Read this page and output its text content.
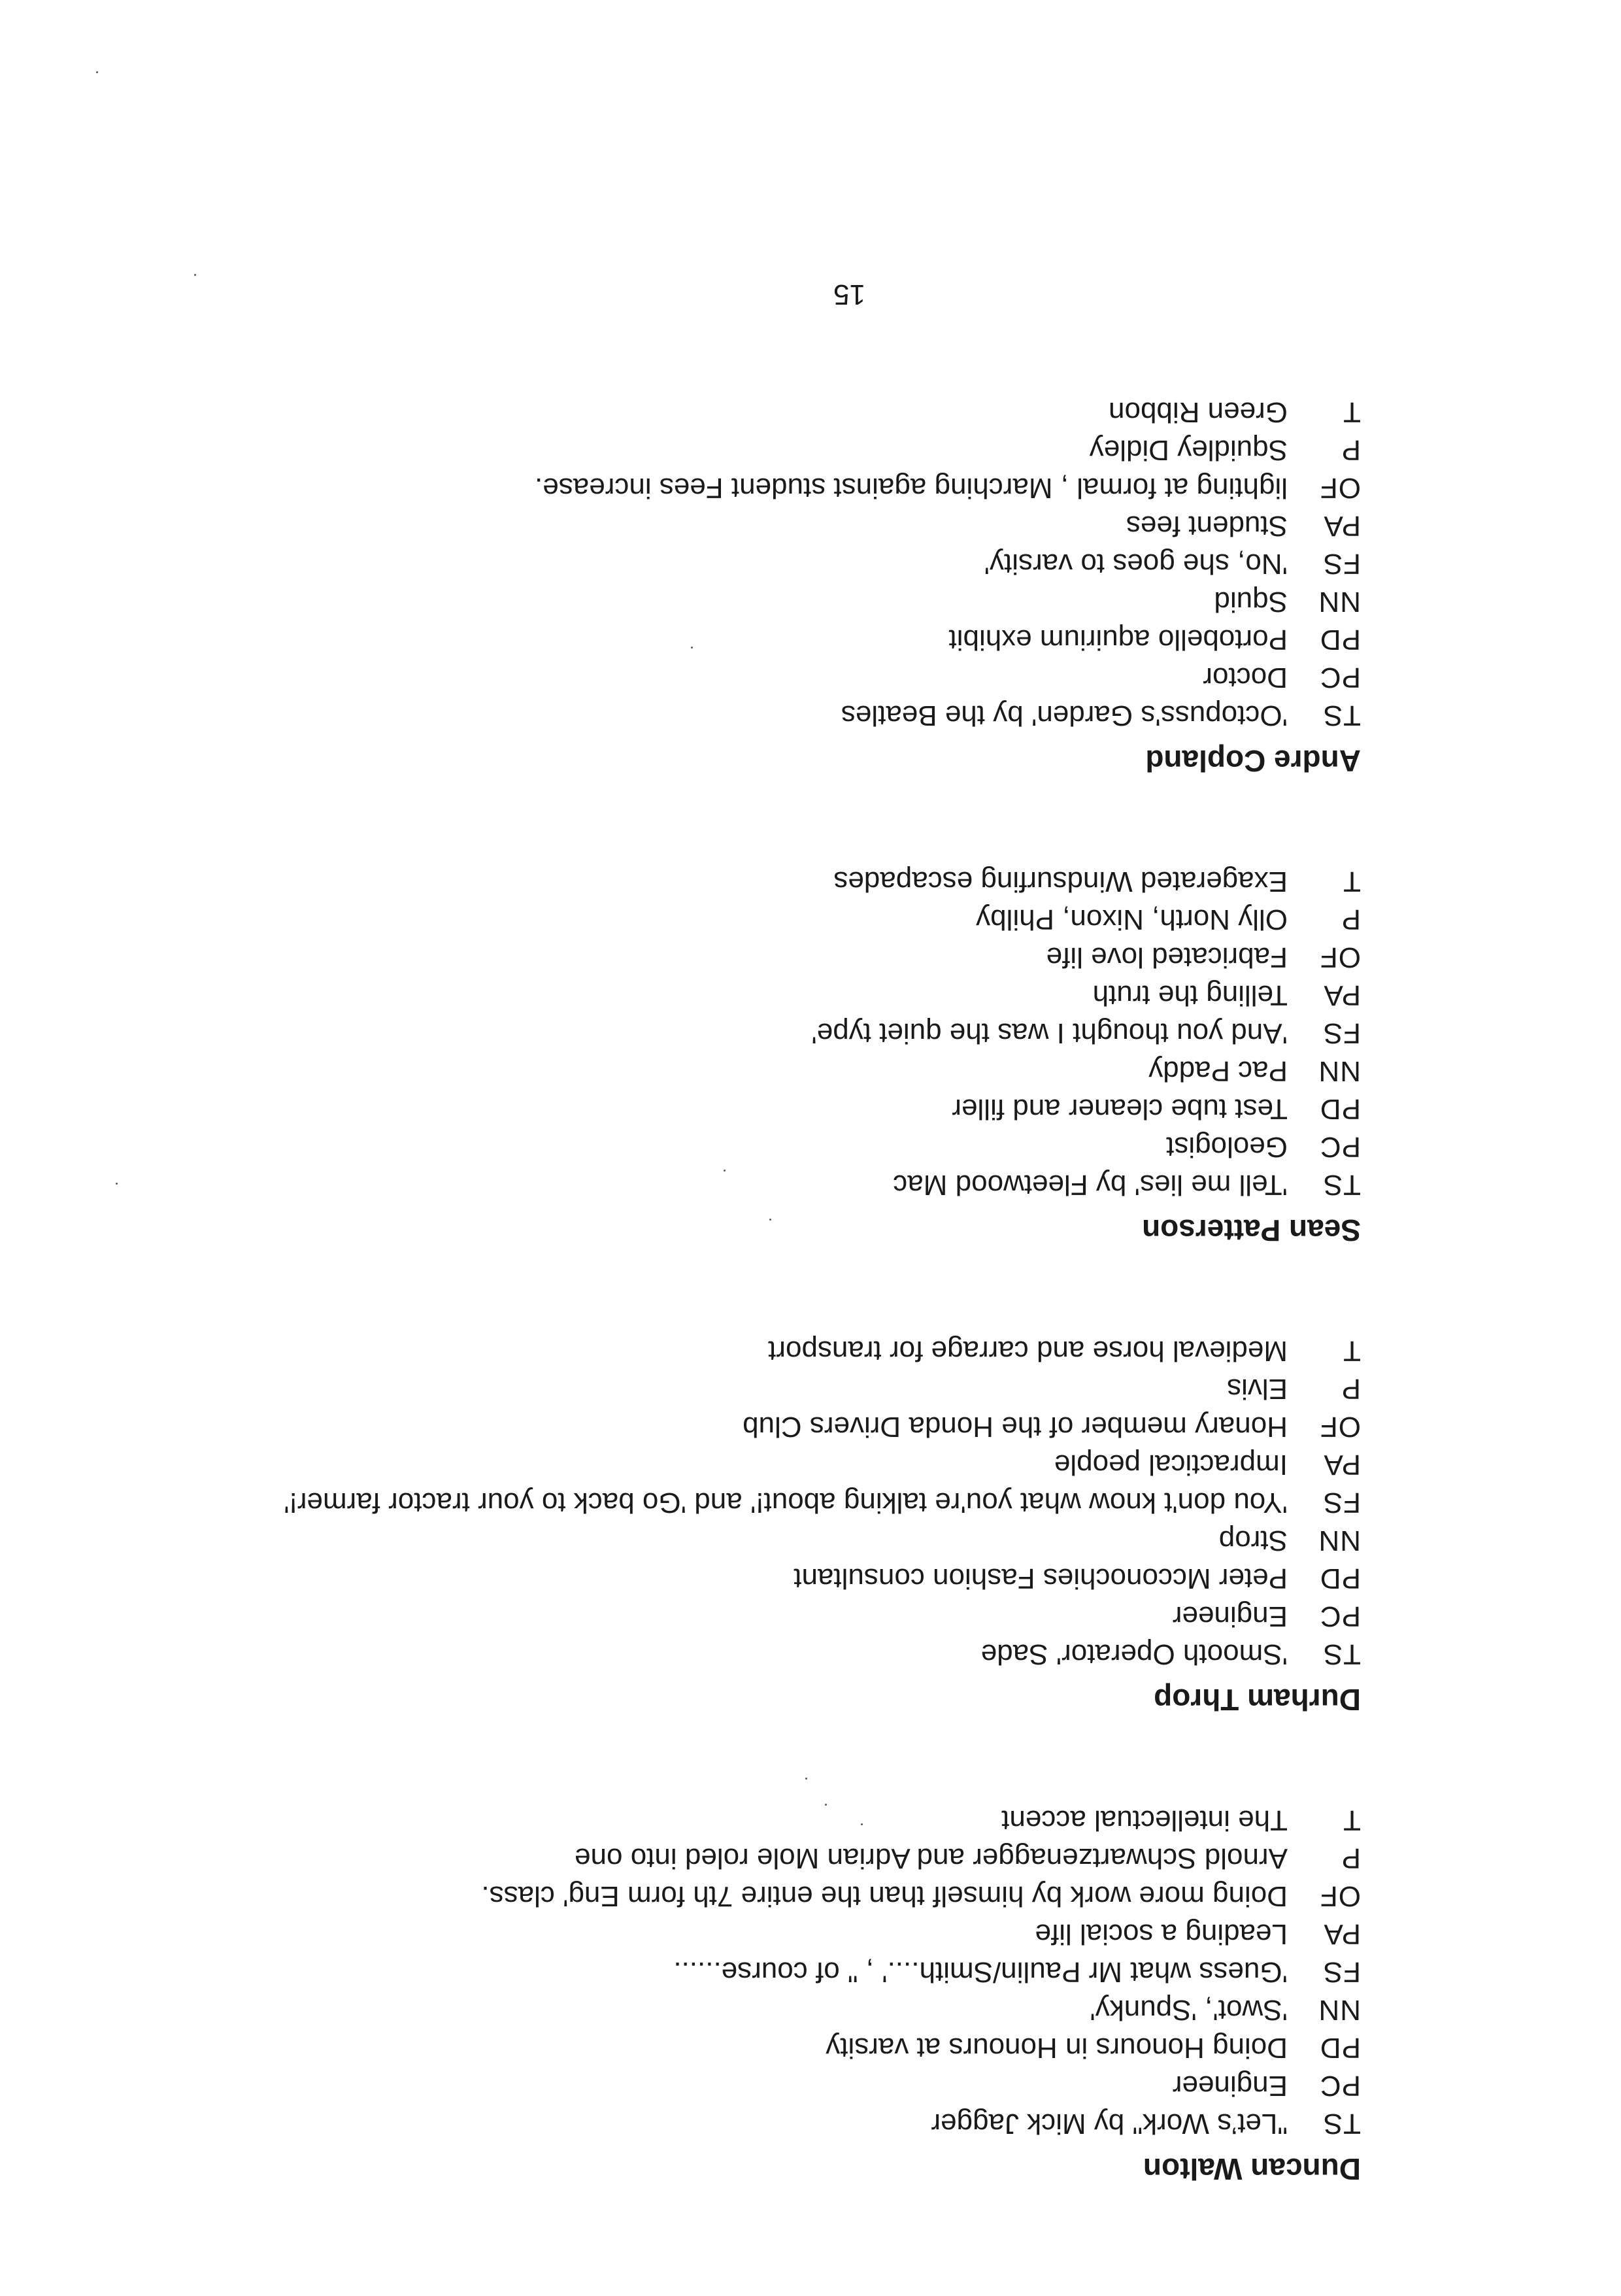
Duncan Walton
TS
"Let’s Work" by Mick Jagger
PC
Engineer
PD
Doing Honours in Honours at varsity
NN
'Swot', 'Spunky'
FS
'Guess what Mr Paulin/Smith....' , " of course......
PA
Leading a social life
OF
Doing more work by himself than the entire 7th form Eng' class.
P
Arnold Schwartzenagger and Adrian Mole roled into one
T
The intellectual accent
Durham Throp
TS
'Smooth Operator' Sade
PC
Engineer
PD
Peter Mcconochies Fashion consultant
NN
Strop
FS
'You don't know what you're talking about!' and 'Go back to your tractor farmer!'
PA
Impractical people
OF
Honary member of the Honda Drivers Club
P
Elvis
T
Medieval horse and carrage for transport
Sean Patterson
TS
'Tell me lies' by Fleetwood Mac
PC
Geologist
PD
Test tube cleaner and filler
NN
Pac Paddy
FS
'And you thought I was the quiet type'
PA
Telling the truth
OF
Fabricated love life
P
Olly North, Nixon, Philby
T
Exagerated Windsurfing escapades
Andre Copland
TS
'Octopuss's Garden' by the Beatles
PC
Doctor
PD
Portobello aquirium exhibit
NN
Squid
FS
'No, she goes to varsity'
PA
Student fees
OF
lighting at formal , Marching against student Fees increase.
P
Squidley Didley
T
Green Ribbon
15
